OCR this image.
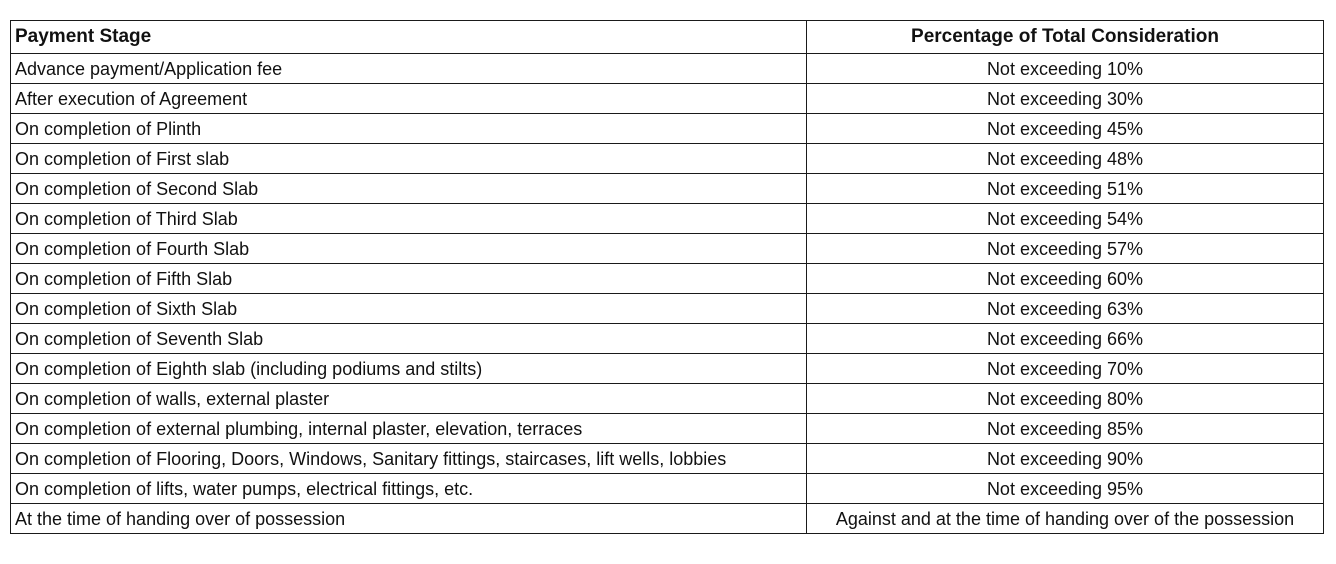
Payment Stage	Percentage of Total Consideration
Advance payment/Application fee	Not exceeding 10%
After execution of Agreement	Not exceeding 30%
On completion of Plinth	Not exceeding 45%
On completion of First slab	Not exceeding 48%
On completion of Second Slab	Not exceeding 51%
On completion of Third Slab	Not exceeding 54%
On completion of Fourth Slab	Not exceeding 57%
On completion of Fifth Slab	Not exceeding 60%
On completion of Sixth Slab	Not exceeding 63%
On completion of Seventh Slab	Not exceeding 66%
On completion of Eighth slab (including podiums and stilts)	Not exceeding 70%
On completion of walls, external plaster	Not exceeding 80%
On completion of external plumbing, internal plaster, elevation, terraces	Not exceeding 85%
On completion of Flooring, Doors, Windows, Sanitary fittings, staircases, lift wells, lobbies	Not exceeding 90%
On completion of lifts, water pumps, electrical fittings, etc.	Not exceeding 95%
At the time of handing over of possession	Against and at the time of handing over of the possession
